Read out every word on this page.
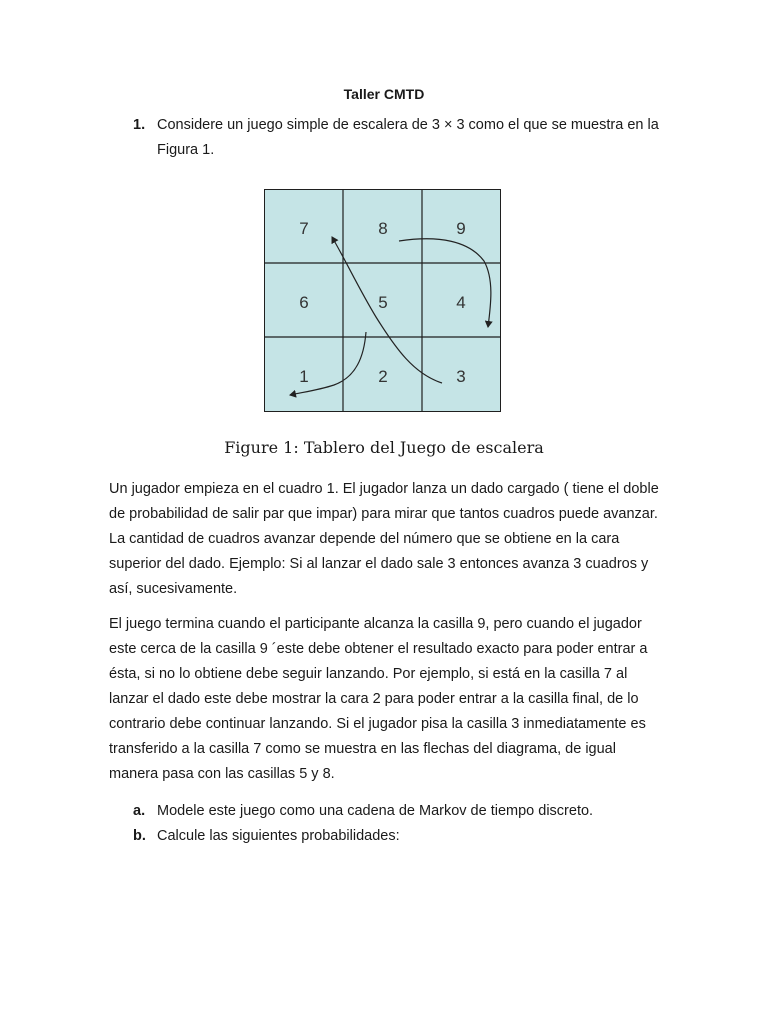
Taller CMTD
1. Considere un juego simple de escalera de 3 × 3 como el que se muestra en la Figura 1.
7	8	9
6	5	4
1	2	3
Figure 1: Tablero del Juego de escalera
Un jugador empieza en el cuadro 1. El jugador lanza un dado cargado ( tiene el doble de probabilidad de salir par que impar) para mirar que tantos cuadros puede avanzar. La cantidad de cuadros avanzar depende del número que se obtiene en la cara superior del dado. Ejemplo: Si al lanzar el dado sale 3 entonces avanza 3 cuadros y así, sucesivamente.
El juego termina cuando el participante alcanza la casilla 9, pero cuando el jugador este cerca de la casilla 9 ´este debe obtener el resultado exacto para poder entrar a ésta, si no lo obtiene debe seguir lanzando. Por ejemplo, si está en la casilla 7 al lanzar el dado este debe mostrar la cara 2 para poder entrar a la casilla final, de lo contrario debe continuar lanzando. Si el jugador pisa la casilla 3 inmediatamente es transferido a la casilla 7 como se muestra en las flechas del diagrama, de igual manera pasa con las casillas 5 y 8.
a. Modele este juego como una cadena de Markov de tiempo discreto.
b. Calcule las siguientes probabilidades:
